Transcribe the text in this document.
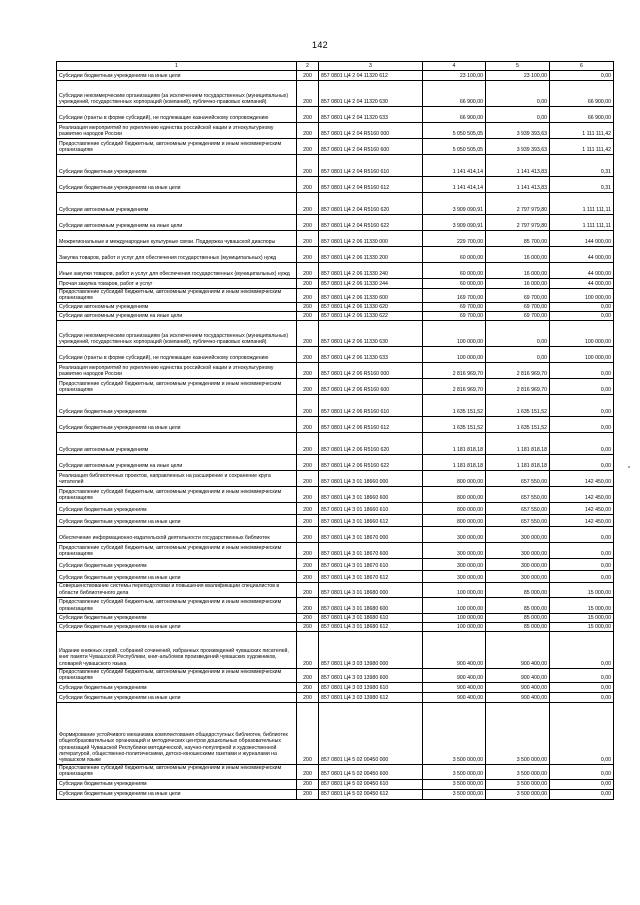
142
1	2	3	4	5	6
Субсидии бюджетным учреждениям на иные цели	200	857 0801 Ц4 2 04 11320 612	23 100,00	23 100,00	0,00
Субсидии некоммерческим организациям (за исключением государственных (муниципальных) учреждений, государственных корпораций (компаний), публично-правовых компаний)	200	857 0801 Ц4 2 04 11320 630	66 900,00	0,00	66 900,00
Субсидии (гранты в форме субсидий), не подлежащие казначейскому сопровождению	200	857 0801 Ц4 2 04 11320 633	66 900,00	0,00	66 900,00
Реализация мероприятий по укреплению единства российской нации и этнокультурному развитию народов России	200	857 0801 Ц4 2 04 R5160 000	5 050 505,05	3 939 393,63	1 111 111,42
Предоставление субсидий бюджетным, автономным учреждениям и иным некоммерческим организациям	200	857 0801 Ц4 2 04 R5160 600	5 050 505,05	3 939 393,63	1 111 111,42
Субсидии бюджетным учреждениям	200	857 0801 Ц4 2 04 R5160 610	1 141 414,14	1 141 413,83	0,31
Субсидии бюджетным учреждениям на иные цели	200	857 0801 Ц4 2 04 R5160 612	1 141 414,14	1 141 413,83	0,31
Субсидии автономным учреждениям	200	857 0801 Ц4 2 04 R5160 620	3 909 090,91	2 797 979,80	1 111 111,11
Субсидии автономным учреждениям на иные цели	200	857 0801 Ц4 2 04 R5160 622	3 909 090,91	2 797 979,80	1 111 111,11
Межрегиональные и международные культурные связи. Поддержка чувашской диаспоры	200	857 0801 Ц4 2 06 11330 000	229 700,00	85 700,00	144 000,00
Закупка товаров, работ и услуг для обеспечения государственных (муниципальных) нужд	200	857 0801 Ц4 2 06 11330 200	60 000,00	16 000,00	44 000,00
Иные закупки товаров, работ и услуг для обеспечения государственных (муниципальных) нужд	200	857 0801 Ц4 2 06 11330 240	60 000,00	16 000,00	44 000,00
Прочая закупка товаров, работ и услуг	200	857 0801 Ц4 2 06 11330 244	60 000,00	16 000,00	44 000,00
Предоставление субсидий бюджетным, автономным учреждениям и иным некоммерческим организациям	200	857 0801 Ц4 2 06 11330 600	169 700,00	69 700,00	100 000,00
Субсидии автономным учреждениям	200	857 0801 Ц4 2 06 11330 620	69 700,00	69 700,00	0,00
Субсидии автономным учреждениям на иные цели	200	857 0801 Ц4 2 06 11330 622	69 700,00	69 700,00	0,00
Субсидии некоммерческим организациям (за исключением государственных (муниципальных) учреждений, государственных корпораций (компаний), публично-правовых компаний)	200	857 0801 Ц4 2 06 11330 630	100 000,00	0,00	100 000,00
Субсидии (гранты в форме субсидий), не подлежащие казначейскому сопровождению	200	857 0801 Ц4 2 06 11330 633	100 000,00	0,00	100 000,00
Реализация мероприятий по укреплению единства российской нации и этнокультурному развитию народов России	200	857 0801 Ц4 2 06 R5160 000	2 816 969,70	2 816 969,70	0,00
Предоставление субсидий бюджетным, автономным учреждениям и иным некоммерческим организациям	200	857 0801 Ц4 2 06 R5160 600	2 816 969,70	2 816 969,70	0,00
Субсидии бюджетным учреждениям	200	857 0801 Ц4 2 06 R5160 610	1 635 151,52	1 635 151,52	0,00
Субсидии бюджетным учреждениям на иные цели	200	857 0801 Ц4 2 06 R5160 612	1 635 151,52	1 635 151,52	0,00
Субсидии автономным учреждениям	200	857 0801 Ц4 2 06 R5160 620	1 181 818,18	1 181 818,18	0,00
Субсидии автономным учреждениям на иные цели	200	857 0801 Ц4 2 06 R5160 622	1 181 818,18	1 181 818,18	0,00
Реализация библиотечных проектов, направленных на расширение и сохранение круга читателей	200	857 0801 Ц4 3 01 18660 000	800 000,00	657 550,00	142 450,00
Предоставление субсидий бюджетным, автономным учреждениям и иным некоммерческим организациям	200	857 0801 Ц4 3 01 18660 600	800 000,00	657 550,00	142 450,00
Субсидии бюджетным учреждениям	200	857 0801 Ц4 3 01 18660 610	800 000,00	657 550,00	142 450,00
Субсидии бюджетным учреждениям на иные цели	200	857 0801 Ц4 3 01 18660 612	800 000,00	657 550,00	142 450,00
Обеспечение информационно-издательской деятельности государственных библиотек	200	857 0801 Ц4 3 01 18670 000	300 000,00	300 000,00	0,00
Предоставление субсидий бюджетным, автономным учреждениям и иным некоммерческим организациям	200	857 0801 Ц4 3 01 18670 600	300 000,00	300 000,00	0,00
Субсидии бюджетным учреждениям	200	857 0801 Ц4 3 01 18670 610	300 000,00	300 000,00	0,00
Субсидии бюджетным учреждениям на иные цели	200	857 0801 Ц4 3 01 18670 612	300 000,00	300 000,00	0,00
Совершенствование системы переподготовки и повышения квалификации специалистов в области библиотечного дела	200	857 0801 Ц4 3 01 18680 000	100 000,00	85 000,00	15 000,00
Предоставление субсидий бюджетным, автономным учреждениям и иным некоммерческим организациям	200	857 0801 Ц4 3 01 18680 600	100 000,00	85 000,00	15 000,00
Субсидии бюджетным учреждениям	200	857 0801 Ц4 3 01 18680 610	100 000,00	85 000,00	15 000,00
Субсидии бюджетным учреждениям на иные цели	200	857 0801 Ц4 3 01 18680 612	100 000,00	85 000,00	15 000,00
Издание книжных серий, собраний сочинений, избранных произведений чувашских писателей, книг памяти Чувашской Республики, книг-альбомов произведений чувашских художников, словарей чувашского языка	200	857 0801 Ц4 3 03 13980 000	900 400,00	900 400,00	0,00
Предоставление субсидий бюджетным, автономным учреждениям и иным некоммерческим организациям	200	857 0801 Ц4 3 03 13980 600	900 400,00	900 400,00	0,00
Субсидии бюджетным учреждениям	200	857 0801 Ц4 3 03 13980 610	900 400,00	900 400,00	0,00
Субсидии бюджетным учреждениям на иные цели	200	857 0801 Ц4 3 03 13980 612	900 400,00	900 400,00	0,00
Формирование устойчивого механизма комплектования общедоступных библиотек, библиотек общеобразовательных организаций и методических центров дошкольных образовательных организаций Чувашской Республики методической, научно-популярной и художественной литературой, общественно-политическими, детско-юношескими газетами и журналами на чувашском языке	200	857 0801 Ц4 5 02 00450 000	3 500 000,00	3 500 000,00	0,00
Предоставление субсидий бюджетным, автономным учреждениям и иным некоммерческим организациям	200	857 0801 Ц4 5 02 00450 600	3 500 000,00	3 500 000,00	0,00
Субсидии бюджетным учреждениям	200	857 0801 Ц4 5 02 00450 610	3 500 000,00	3 500 000,00	0,00
Субсидии бюджетным учреждениям на иные цели	200	857 0801 Ц4 5 02 00450 612	3 500 000,00	3 500 000,00	0,00
